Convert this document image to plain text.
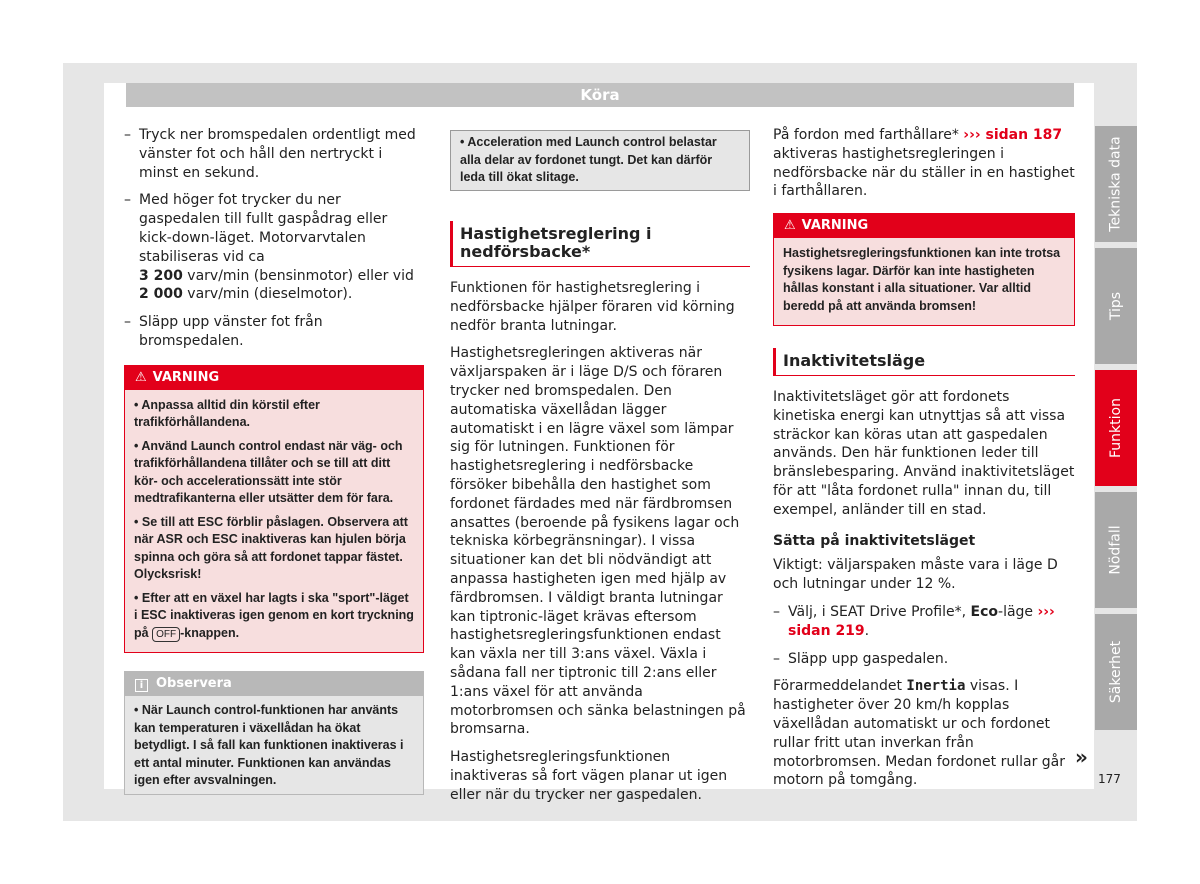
Köra
– Tryck ner bromspedalen ordentligt med vänster fot och håll den nertryckt i minst en sekund.
– Med höger fot trycker du ner gaspedalen till fullt gaspådrag eller kick-down-läget. Motorvarvtalen stabiliseras vid ca
3 200 varv/min (bensinmotor) eller vid
2 000 varv/min (dieselmotor).
– Släpp upp vänster fot från bromspedalen.
⚠ VARNING
• Anpassa alltid din körstil efter trafikförhållandena.
• Använd Launch control endast när väg- och trafikförhållandena tillåter och se till att ditt kör- och accelerationssätt inte stör medtrafikanterna eller utsätter dem för fara.
• Se till att ESC förblir påslagen. Observera att när ASR och ESC inaktiveras kan hjulen börja spinna och göra så att fordonet tappar fästet. Olycksrisk!
• Efter att en växel har lagts i ska "sport"-läget i ESC inaktiveras igen genom en kort tryckning på OFF -knappen.
i Observera
• När Launch control-funktionen har använts kan temperaturen i växellådan ha ökat betydligt. I så fall kan funktionen inaktiveras i ett antal minuter. Funktionen kan användas igen efter avsvalningen.
• Acceleration med Launch control belastar alla delar av fordonet tungt. Det kan därför leda till ökat slitage.
Hastighetsreglering i nedförsbacke*

Funktionen för hastighetsreglering i nedförsbacke hjälper föraren vid körning nedför branta lutningar.

Hastighetsregleringen aktiveras när växljarspaken är i läge D/S och föraren trycker ned bromspedalen. Den automatiska växellådan lägger automatiskt i en lägre växel som lämpar sig för lutningen. Funktionen för hastighetsreglering i nedförsbacke försöker bibehålla den hastighet som fordonet färdades med när färdbromsen ansattes (beroende på fysikens lagar och tekniska körbegränsningar). I vissa situationer kan det bli nödvändigt att anpassa hastigheten igen med hjälp av färdbromsen. I väldigt branta lutningar kan tiptronic-läget krävas eftersom hastighetsregleringsfunktionen endast kan växla ner till 3:ans växel. Växla i sådana fall ner tiptronic till 2:ans eller 1:ans växel för att använda motorbromsen och sänka belastningen på bromsarna.

Hastighetsregleringsfunktionen inaktiveras så fort vägen planar ut igen eller när du trycker ner gaspedalen.

På fordon med farthållare* ››› sidan 187 aktiveras hastighetsregleringen i nedförsbacke när du ställer in en hastighet i farthållaren.

⚠ VARNING
Hastighetsregleringsfunktionen kan inte trotsa fysikens lagar. Därför kan inte hastigheten hållas konstant i alla situationer. Var alltid beredd på att använda bromsen!
Inaktivitetsläge

Inaktivitetsläget gör att fordonets kinetiska energi kan utnyttjas så att vissa sträckor kan köras utan att gaspedalen används. Den här funktionen leder till bränslebesparing. Använd inaktivitetsläget för att "låta fordonet rulla" innan du, till exempel, anländer till en stad.

Sätta på inaktivitetsläget

Viktigt: väljarspaken måste vara i läge D och lutningar under 12 %.

– Välj, i SEAT Drive Profile*, Eco-läge ››› sidan 219.
– Släpp upp gaspedalen.

Förarmeddelandet Inertia visas. I hastigheter över 20 km/h kopplas växellådan automatiskt ur och fordonet rullar fritt utan inverkan från motorbromsen. Medan fordonet rullar går motorn på tomgång.

»
Tekniska data
Tips
Funktion
Nödfall
Säkerhet
177
